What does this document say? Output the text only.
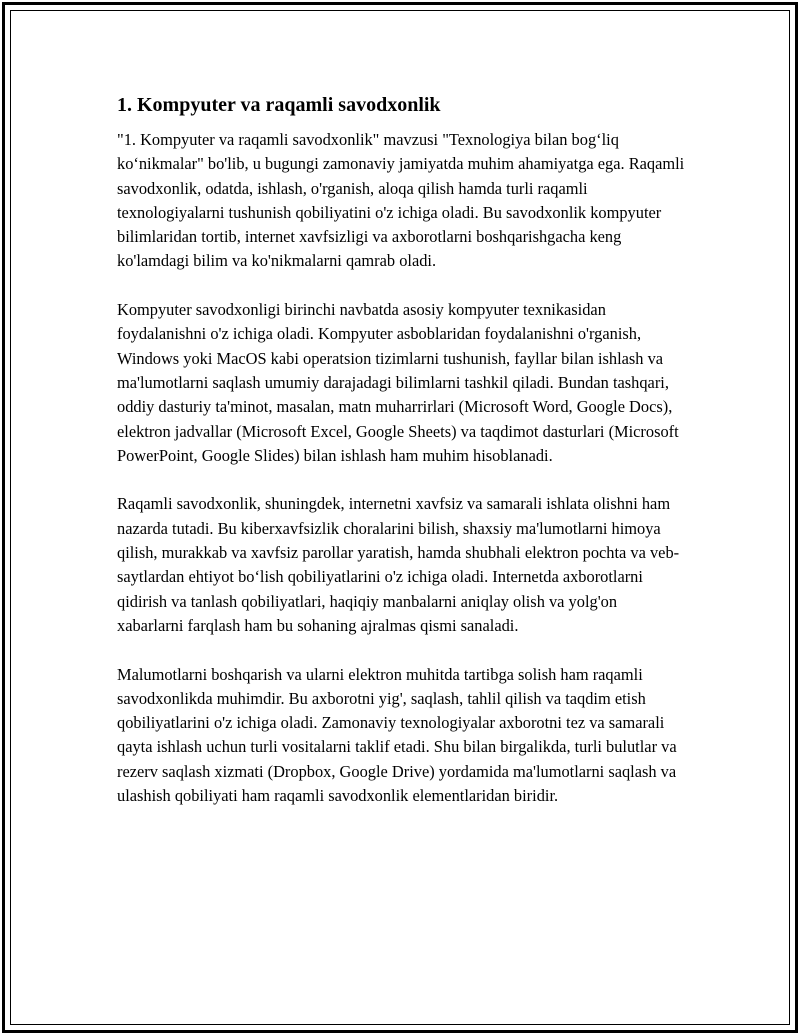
1. Kompyuter va raqamli savodxonlik

"1. Kompyuter va raqamli savodxonlik" mavzusi "Texnologiya bilan bog‘liq ko‘nikmalar" bo'lib, u bugungi zamonaviy jamiyatda muhim ahamiyatga ega. Raqamli savodxonlik, odatda, ishlash, o'rganish, aloqa qilish hamda turli raqamli texnologiyalarni tushunish qobiliyatini o'z ichiga oladi. Bu savodxonlik kompyuter bilimlaridan tortib, internet xavfsizligi va axborotlarni boshqarishgacha keng ko'lamdagi bilim va ko'nikmalarni qamrab oladi.

Kompyuter savodxonligi birinchi navbatda asosiy kompyuter texnikasidan foydalanishni o'z ichiga oladi. Kompyuter asboblaridan foydalanishni o'rganish, Windows yoki MacOS kabi operatsion tizimlarni tushunish, fayllar bilan ishlash va ma'lumotlarni saqlash umumiy darajadagi bilimlarni tashkil qiladi. Bundan tashqari, oddiy dasturiy ta'minot, masalan, matn muharrirlari (Microsoft Word, Google Docs), elektron jadvallar (Microsoft Excel, Google Sheets) va taqdimot dasturlari (Microsoft PowerPoint, Google Slides) bilan ishlash ham muhim hisoblanadi.

Raqamli savodxonlik, shuningdek, internetni xavfsiz va samarali ishlata olishni ham nazarda tutadi. Bu kiberxavfsizlik choralarini bilish, shaxsiy ma'lumotlarni himoya qilish, murakkab va xavfsiz parollar yaratish, hamda shubhali elektron pochta va veb-saytlardan ehtiyot boʻlish qobiliyatlarini o'z ichiga oladi. Internetda axborotlarni qidirish va tanlash qobiliyatlari, haqiqiy manbalarni aniqlay olish va yolg'on xabarlarni farqlash ham bu sohaning ajralmas qismi sanaladi.

Malumotlarni boshqarish va ularni elektron muhitda tartibga solish ham raqamli savodxonlikda muhimdir. Bu axborotni yig', saqlash, tahlil qilish va taqdim etish qobiliyatlarini o'z ichiga oladi. Zamonaviy texnologiyalar axborotni tez va samarali qayta ishlash uchun turli vositalarni taklif etadi. Shu bilan birgalikda, turli bulutlar va rezerv saqlash xizmati (Dropbox, Google Drive) yordamida ma'lumotlarni saqlash va ulashish qobiliyati ham raqamli savodxonlik elementlaridan biridir.
